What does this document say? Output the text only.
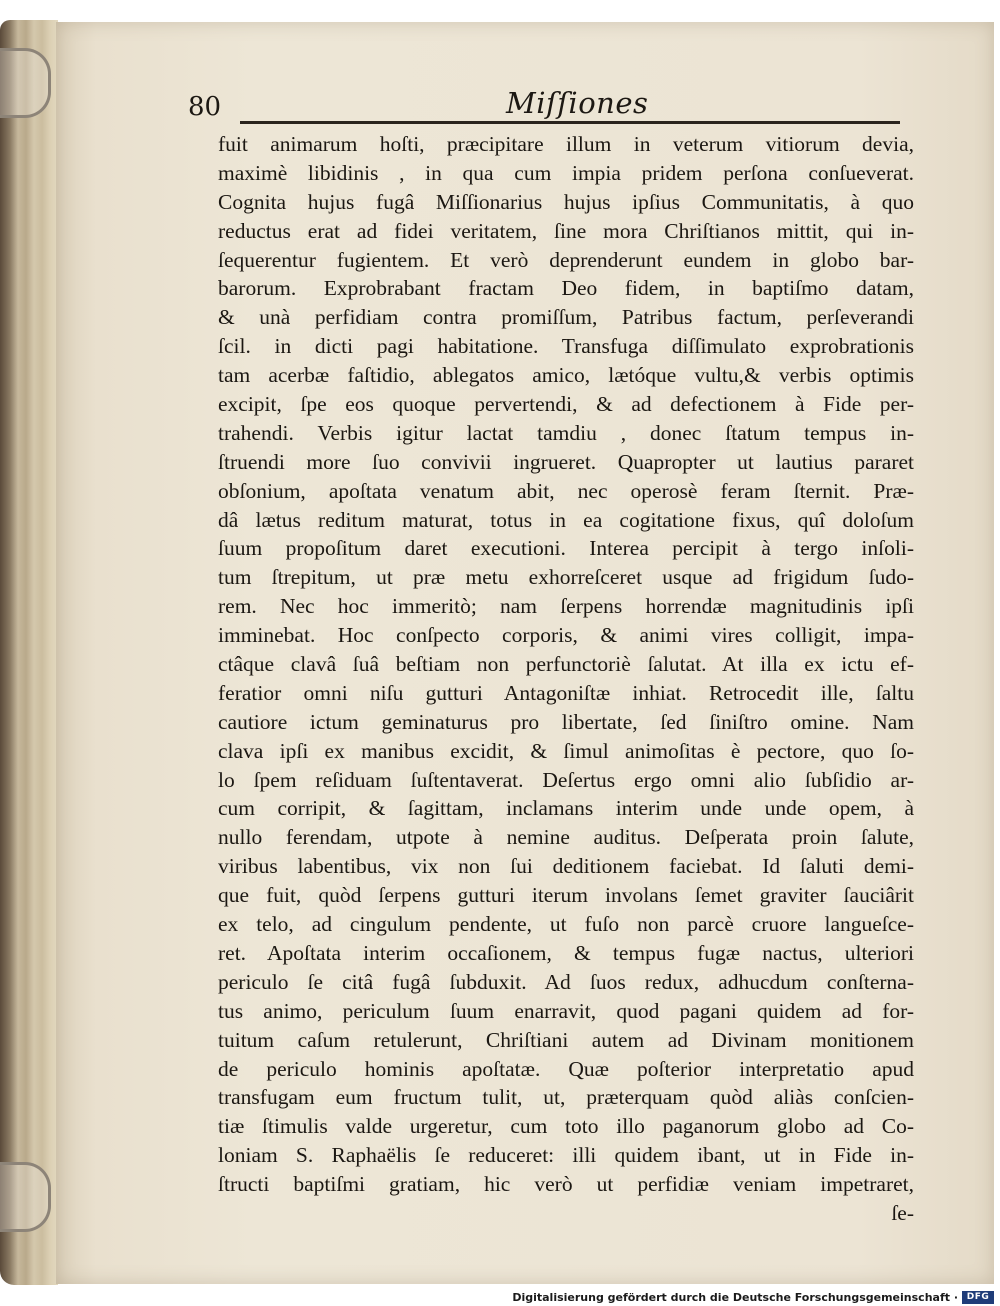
80	Miſſiones
fuit animarum hoſti, præcipitare illum in veterum vitiorum devia,
maximè libidinis , in qua cum impia pridem perſona conſueverat.
Cognita hujus fugâ Miſſionarius hujus ipſius Communitatis, à quo
reductus erat ad fidei veritatem, ſine mora Chriſtianos mittit, qui in-
ſequerentur fugientem. Et verò deprenderunt eundem in globo bar-
barorum. Exprobrabant fractam Deo fidem, in baptiſmo datam,
& unà perfidiam contra promiſſum, Patribus factum, perſeverandi
ſcil. in dicti pagi habitatione. Transfuga diſſimulato exprobrationis
tam acerbæ faſtidio, ablegatos amico, lætóque vultu,& verbis optimis
excipit, ſpe eos quoque pervertendi, & ad defectionem à Fide per-
trahendi. Verbis igitur lactat tamdiu , donec ſtatum tempus in-
ſtruendi more ſuo convivii ingrueret. Quapropter ut lautius pararet
obſonium, apoſtata venatum abit, nec operosè feram ſternit. Præ-
dâ lætus reditum maturat, totus in ea cogitatione fixus, quî doloſum
ſuum propoſitum daret executioni. Interea percipit à tergo inſoli-
tum ſtrepitum, ut præ metu exhorreſceret usque ad frigidum ſudo-
rem. Nec hoc immeritò; nam ſerpens horrendæ magnitudinis ipſi
imminebat. Hoc conſpecto corporis, & animi vires colligit, impa-
ctâque clavâ ſuâ beſtiam non perfunctoriè ſalutat. At illa ex ictu ef-
feratior omni niſu gutturi Antagoniſtæ inhiat. Retrocedit ille, ſaltu
cautiore ictum geminaturus pro libertate, ſed ſiniſtro omine. Nam
clava ipſi ex manibus excidit, & ſimul animoſitas è pectore, quo ſo-
lo ſpem reſiduam ſuſtentaverat. Deſertus ergo omni alio ſubſidio ar-
cum corripit, & ſagittam, inclamans interim unde unde opem, à
nullo ferendam, utpote à nemine auditus. Deſperata proin ſalute,
viribus labentibus, vix non ſui deditionem faciebat. Id ſaluti demi-
que fuit, quòd ſerpens gutturi iterum involans ſemet graviter ſauciârit
ex telo, ad cingulum pendente, ut fuſo non parcè cruore langueſce-
ret. Apoſtata interim occaſionem, & tempus fugæ nactus, ulteriori
periculo ſe citâ fugâ ſubduxit. Ad ſuos redux, adhucdum conſterna-
tus animo, periculum ſuum enarravit, quod pagani quidem ad for-
tuitum caſum retulerunt, Chriſtiani autem ad Divinam monitionem
de periculo hominis apoſtatæ. Quæ poſterior interpretatio apud
transfugam eum fructum tulit, ut, præterquam quòd aliàs conſcien-
tiæ ſtimulis valde urgeretur, cum toto illo paganorum globo ad Co-
loniam S. Raphaëlis ſe reduceret: illi quidem ibant, ut in Fide in-
ſtructi baptiſmi gratiam, hic verò ut perfidiæ veniam impetraret,
ſe-
Digitalisierung gefördert durch die Deutsche Forschungsgemeinschaft · DFG
